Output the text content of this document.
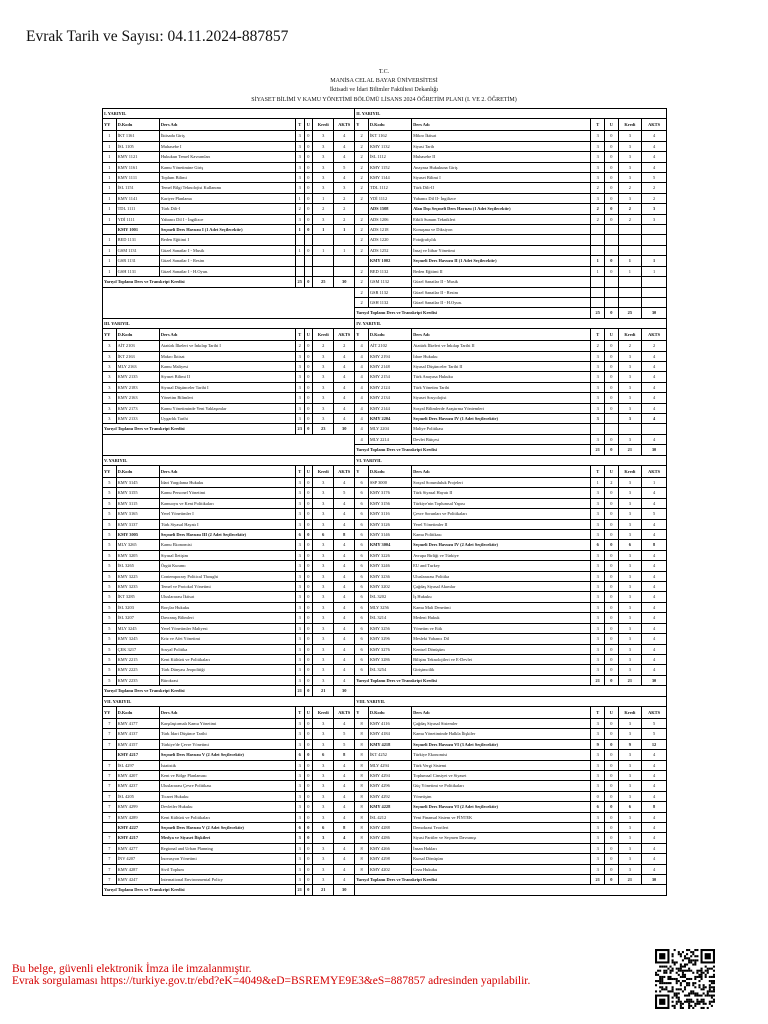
Evrak Tarih ve Sayısı: 04.11.2024-887857
T.C.
MANİSA CELAL BAYAR ÜNİVERSİTESİ
İktisadi ve İdari Bilimler Fakültesi Dekanlığı
SİYASET BİLİMİ V KAMU YÖNETİMİ BÖLÜMÜ LİSANS 2024 ÖĞRETİM PLANI (I. VE 2. ÖĞRETİM)
I. YARIYIL							II. YARIYIL						
YY	D.Kodu	Ders Adı	T	U	Kredi	AKTS	Y	D.Kodu	Ders Adı	T	U	Kredi	AKTS
1	İKT 1161	İktisada Giriş	3	0	3	4	2	İKT 1162	Mikro İktisat	3	0	3	4
1	İSL 1105	Muhasebe I	3	0	3	4	2	KMY 1132	Siyasi Tarih	3	0	3	4
1	KMY 1121	Hukukun Temel Kavramları	3	0	3	4	2	İSL 1112	Muhasebe II	3	0	3	4
1	KMY 1161	Kamu Yönetimine Giriş	3	0	3	5	2	KMY 1152	Anayasa Hukukuna Giriş	3	0	3	4
1	KMY 1111	Toplum Bilimi	3	0	3	4	2	KMY 1144	Siyaset Bilimi I	3	0	3	5
1	İSL 1151	Temel Bilgi Teknolojisi Kullanımı	3	0	3	3	2	TDL 1112	Türk Dili-II	2	0	2	2
1	KMY 1141	Kariyer Planlama	1	0	1	2	2	YDİ 1112	Yabancı Dil II- İngilizce	3	0	3	2
1	TDL 1111	Türk Dili-I	2	0	2	2		ADS 1508	Alan Dışı Seçmeli Ders Havuzu (1 Adet Seçilecektir)	2	0	2	3
1	YDİ 1111	Yabancı Dil I - İngilizce	3	0	3	2	2	ADS 1206	Etkili Sunum Teknikleri	2	0	2	3
	KMY 1001	Seçmeli Ders Havuzu I (1 Adet Seçilecektir)	1	0	1	1	2	ADS 1218	Konuşma ve Diksiyon				
1	BED 1131	Beden Eğitimi I					2	ADS 1220	Fotoğrafçılık				
1	GSM 1131	Güzel Sanatlar I - Musik	1	0	1	1	2	ADS 1252	İnsaj ve İtibar Yönetimi				
1	GSR 1131	Güzel Sanatlar I - Resim						KMY 1002	Seçmeli Ders Havuzu II (1 Adet Seçilecektir)	1	0	1	1
1	GSH 1131	Güzel Sanatlar I - H.Oyun.					2	BED 1132	Beden Eğitimi II	1	0	1	1
Yarıyıl Toplamı Ders ve Transkript Kredisi			25	0	25	30	2	GSM 1132	Güzel Sanatlar II - Musik				
							2	GSR 1132	Güzel Sanatlar II - Resim				
							2	GSH 1132	Güzel Sanatlar II - H.Oyun.				
							Yarıyıl Toplamı Ders ve Transkript Kredisi			25	0	25	30
III. YARIYIL							IV. YARIYIL						
YY	D.Kodu	Ders Adı	T	U	Kredi	AKTS	Y	D.Kodu	Ders Adı	T	U	Kredi	AKTS
3	AİT 2103	Atatürk İlkeleri ve İnkılap Tarihi I	2	0	2	2	4	AİT 2102	Atatürk İlkeleri ve İnkılap Tarihi II	2	0	2	2
3	İKT 2163	Makro İktisat	3	0	3	4	4	KMY 2194	İdare Hukuku	3	0	3	4
3	MLY 2163	Kamu Maliyesi	3	0	3	4	4	KMY 2148	Siyasal Düşünceler Tarihi II	3	0	3	4
3	KMY 2135	Siyaset Bilimi II	3	0	3	4	4	KMY 2154	Türk Anayasa Hukuku	3	0	3	4
3	KMY 2183	Siyasal Düşünceler Tarihi I	3	0	3	4	4	KMY 2124	Türk Yönetim Tarihi	3	0	3	4
3	KMY 2163	Yönetim Bilimleri	3	0	3	4	4	KMY 2134	Siyaset Sosyolojisi	3	0	3	4
3	KMY 2173	Kamu Yönetiminde Yeni Yaklaşımlar	3	0	3	4	4	KMY 2144	Sosyal Bilimlerde Araştırma Yöntemleri	3	0	3	4
3	KMY 2133	Uygarlık Tarihi	3	0	3	4	4	KMY 2204	Seçmeli Ders Havuzu IV (1 Adet Seçilecektir)	3		3	4
Yarıyıl Toplamı Ders ve Transkript Kredisi			23	0	23	30	4	MLY 2204	Maliye Politikası				
							4	MLY 2214	Devlet Bütçesi	3	0	3	4
							Yarıyıl Toplamı Ders ve Transkript Kredisi			21	0	21	30
V. YARIYIL							VI. YARIYIL						
YY	D.Kodu	Ders Adı	T	U	Kredi	AKTS	Y	D.Kodu	Ders Adı	T	U	Kredi	AKTS
5	KMY 3145	İdari Yargılama Hukuku	3	0	3	4	6	SSP 3000	Sosyal Sorumluluk Projeleri	1	2	3	1
5	KMY 3155	Kamu Personel Yönetimi	3	0	3	5	6	KMY 3176	Türk Siyasal Hayatı II	3	0	3	4
5	KMY 3115	Kamuoyu ve Kent Politikaları	3	0	3	4	6	KMY 3156	Türkiye'nin Toplumsal Yapısı	3	0	3	4
5	KMY 3165	Yerel Yönetimler I	3	0	3	4	6	KMY 3116	Çevre Sorunları ve Politikaları	3	0	3	5
5	KMY 3137	Türk Siyasal Hayatı I	3	0	3	4	6	KMY 3126	Yerel Yönetimler II	3	0	3	4
5	KMY 3005	Seçmeli Ders Havuzu III (2 Adet Seçilecektir)	6	0	6	8	6	KMY 3146	Kamu Politikası	3	0	3	4
5	MLY 3265	Kamu Ekonomisi	3	0	3	4	6	KMY 3004	Seçmeli Ders Havuzu IV (2 Adet Seçilecektir)	6	0	6	8
5	KMY 3205	Siyasal İletişim	3	0	3	4	6	KMY 3226	Avrupa Birliği ve Türkiye	3	0	3	4
5	İSL 3265	Örgüt Kuramı	3	0	3	4	6	KMY 3246	EU and Turkey	3	0	3	4
5	KMY 3225	Contemporary Political Thought	3	0	3	4	6	KMY 3236	Uluslararası Politika	3	0	3	4
5	KMY 3235	Temel ve Protokol Yönetimi	3	0	3	4	6	KMY 3202	Çağdaş Siyasal Akımlar	3	0	3	4
5	İKT 3285	Uluslararası İktisat	3	0	3	4	6	İSL 3202	İş Hukuku	3	0	3	4
5	İSL 3203	Borçlar Hukuku	3	0	3	4	6	MLY 3256	Kamu Mali Denetimi	3	0	3	4
5	İSL 3207	Davranış Bilimleri	3	0	3	4	6	İSL 3214	Medeni Hukuk	3	0	3	4
5	MLY 3245	Yerel Yönetimler Maliyesi	3	0	3	4	6	KMY 3256	Yönetim ve Etik	3	0	3	4
5	KMY 3245	Kriz ve Afet Yönetimi	3	0	3	4	6	KMY 3296	Mesleki Yabancı Dil	3	0	3	4
5	ÇEK 3217	Sosyal Politika	3	0	3	4	6	KMY 3276	Kentsel Dönüşüm	3	0	3	4
5	KMY 2215	Kent Kültürü ve Politikaları	3	0	3	4	6	KMY 3286	Bilişim Teknolojileri ve E-Devlet	3	0	3	4
5	KMY 2225	Türk Dünyası Jeopolitiği	3	0	3	4	6	İSL 3254	Girişimcilik	3	0	3	4
5	KMY 2235	Bürokrasi	3	0	3	4	Yarıyıl Toplamı Ders ve Transkript Kredisi			21	0	21	30
Yarıyıl Toplamı Ders ve Transkript Kredisi			21	0	21	30							
VII. YARIYIL							VIII. YARIYIL						
YY	D.Kodu	Ders Adı	T	U	Kredi	AKTS	Y	D.Kodu	Ders Adı	T	U	Kredi	AKTS
7	KMY 4177	Karşılaştırmalı Kamu Yönetimi	3	0	3	4	8	KMY 4116	Çağdaş Siyasal Sistemler	3	0	3	5
7	KMY 4137	Türk İdari Düşünce Tarihi	3	0	3	5	8	KMY 4184	Kamu Yönetiminde Halkla İlişkiler	3	0	3	5
7	KMY 4157	Türkiye'de Çevre Yönetimi	3	0	3	5	8	KMY 4218	Seçmeli Ders Havuzu VI (3 Adet Seçilecektir)	9	0	9	12
	KMY 4217	Seçmeli Ders Havuzu V (2 Adet Seçilecektir)	6	0	6	8	8	İKT 4252	Türkiye Ekonomisi	3	0	3	4
7	İSL 4297	İstatistik	3	0	3	4	8	MLY 4294	Türk Vergi Sistemi	3	0	3	4
7	KMY 4207	Kent ve Bölge Planlaması	3	0	3	4	8	KMY 4294	Toplumsal Cinsiyet ve Siyaset	3	0	3	4
7	KMY 4237	Uluslararası Çevre Politikası	3	0	3	4	8	KMY 4296	Güç Yönetimi ve Politikaları	3	0	3	4
7	İSL 4205	Ticaret Hukuku	3	0	3	4	8	KMY 4292	Yönetişim	0	0	3	4
7	KMY 4299	Devletler Hukuku	3	0	3	4	8	KMY 4228	Seçmeli Ders Havuzu VI (2 Adet Seçilecektir)	6	0	6	8
7	KMY 4289	Kent Kültürü ve Politikaları	3	0	3	4	8	İSL 4212	Yeni Finansal Sistem ve FİNTEK	3	0	3	4
	KMY 4227	Seçmeli Ders Havuzu V (2 Adet Seçilecektir)	6	0	6	8	8	KMY 4288	Demokrasi Teorileri	3	0	3	4
7	KMY 4217	Medya ve Siyaset İlişkileri	3	0	3	4	8	KMY 4286	Siyasi Partiler ve Seçmen Davranışı	3	0	3	4
7	KMY 4277	Regional and Urban Planning	3	0	3	4	8	KMY 4266	İnsan Hakları	3	0	3	4
7	İNV 4207	İnovasyon Yönetimi	3	0	3	4	8	KMY 4298	Kursal Dönüşüm	3	0	3	4
7	KMY 4287	Sivil Toplum	3	0	3	4	8	KMY 4202	Ceza Hukuku	3	0	3	4
7	KMY 4247	International Environmental Policy	3	0	3	4	Yarıyıl Toplamı Ders ve Transkript Kredisi			21	0	21	30
Yarıyıl Toplamı Ders ve Transkript Kredisi			21	0	21	30							
Bu belge, güvenli elektronik İmza ile imzalanmıştır.
Evrak sorgulaması https://turkiye.gov.tr/ebd?eK=4049&eD=BSREMYE9E3&eS=887857 adresinden yapılabilir.
